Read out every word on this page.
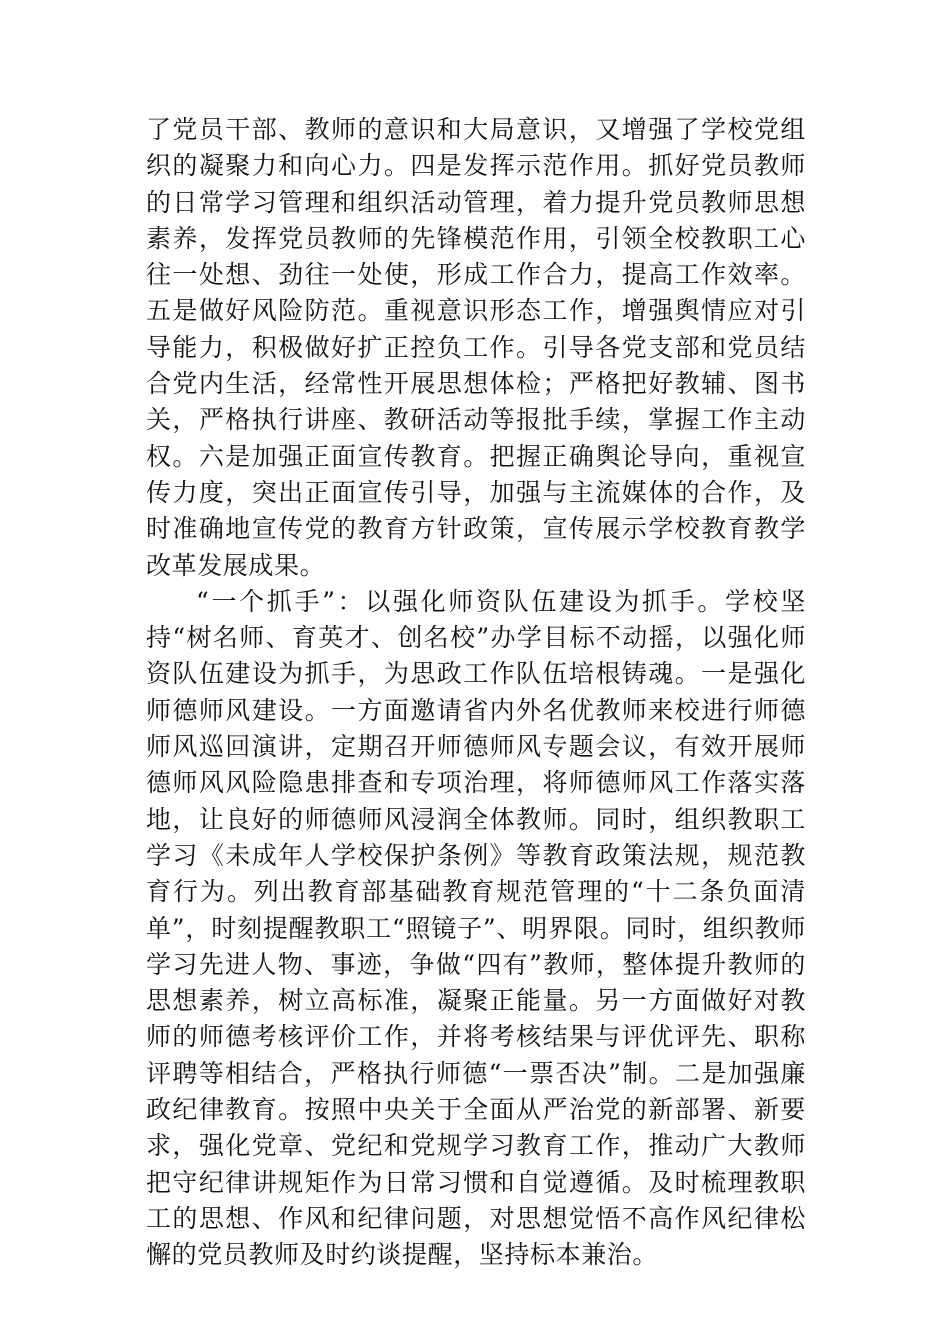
了党员干部、教师的意识和大局意识，又增强了学校党组织的凝聚力和向心力。四是发挥示范作用。抓好党员教师的日常学习管理和组织活动管理，着力提升党员教师思想素养，发挥党员教师的先锋模范作用，引领全校教职工心往一处想、劲往一处使，形成工作合力，提高工作效率。五是做好风险防范。重视意识形态工作，增强舆情应对引导能力，积极做好扩正控负工作。引导各党支部和党员结合党内生活，经常性开展思想体检；严格把好教辅、图书关，严格执行讲座、教研活动等报批手续，掌握工作主动权。六是加强正面宣传教育。把握正确舆论导向，重视宣传力度，突出正面宣传引导，加强与主流媒体的合作，及时准确地宣传党的教育方针政策，宣传展示学校教育教学改革发展成果。

“一个抓手”：以强化师资队伍建设为抓手。学校坚持“树名师、育英才、创名校”办学目标不动摇，以强化师资队伍建设为抓手，为思政工作队伍培根铸魂。一是强化师德师风建设。一方面邀请省内外名优教师来校进行师德师风巡回演讲，定期召开师德师风专题会议，有效开展师德师风风险隐患排查和专项治理，将师德师风工作落实落地，让良好的师德师风浸润全体教师。同时，组织教职工学习《未成年人学校保护条例》等教育政策法规，规范教育行为。列出教育部基础教育规范管理的“十二条负面清单”，时刻提醒教职工“照镜子”、明界限。同时，组织教师学习先进人物、事迹，争做“四有”教师，整体提升教师的思想素养，树立高标准，凝聚正能量。另一方面做好对教师的师德考核评价工作，并将考核结果与评优评先、职称评聘等相结合，严格执行师德“一票否决”制。二是加强廉政纪律教育。按照中央关于全面从严治党的新部署、新要求，强化党章、党纪和党规学习教育工作，推动广大教师把守纪律讲规矩作为日常习惯和自觉遵循。及时梳理教职工的思想、作风和纪律问题，对思想觉悟不高作风纪律松懈的党员教师及时约谈提醒，坚持标本兼治。
